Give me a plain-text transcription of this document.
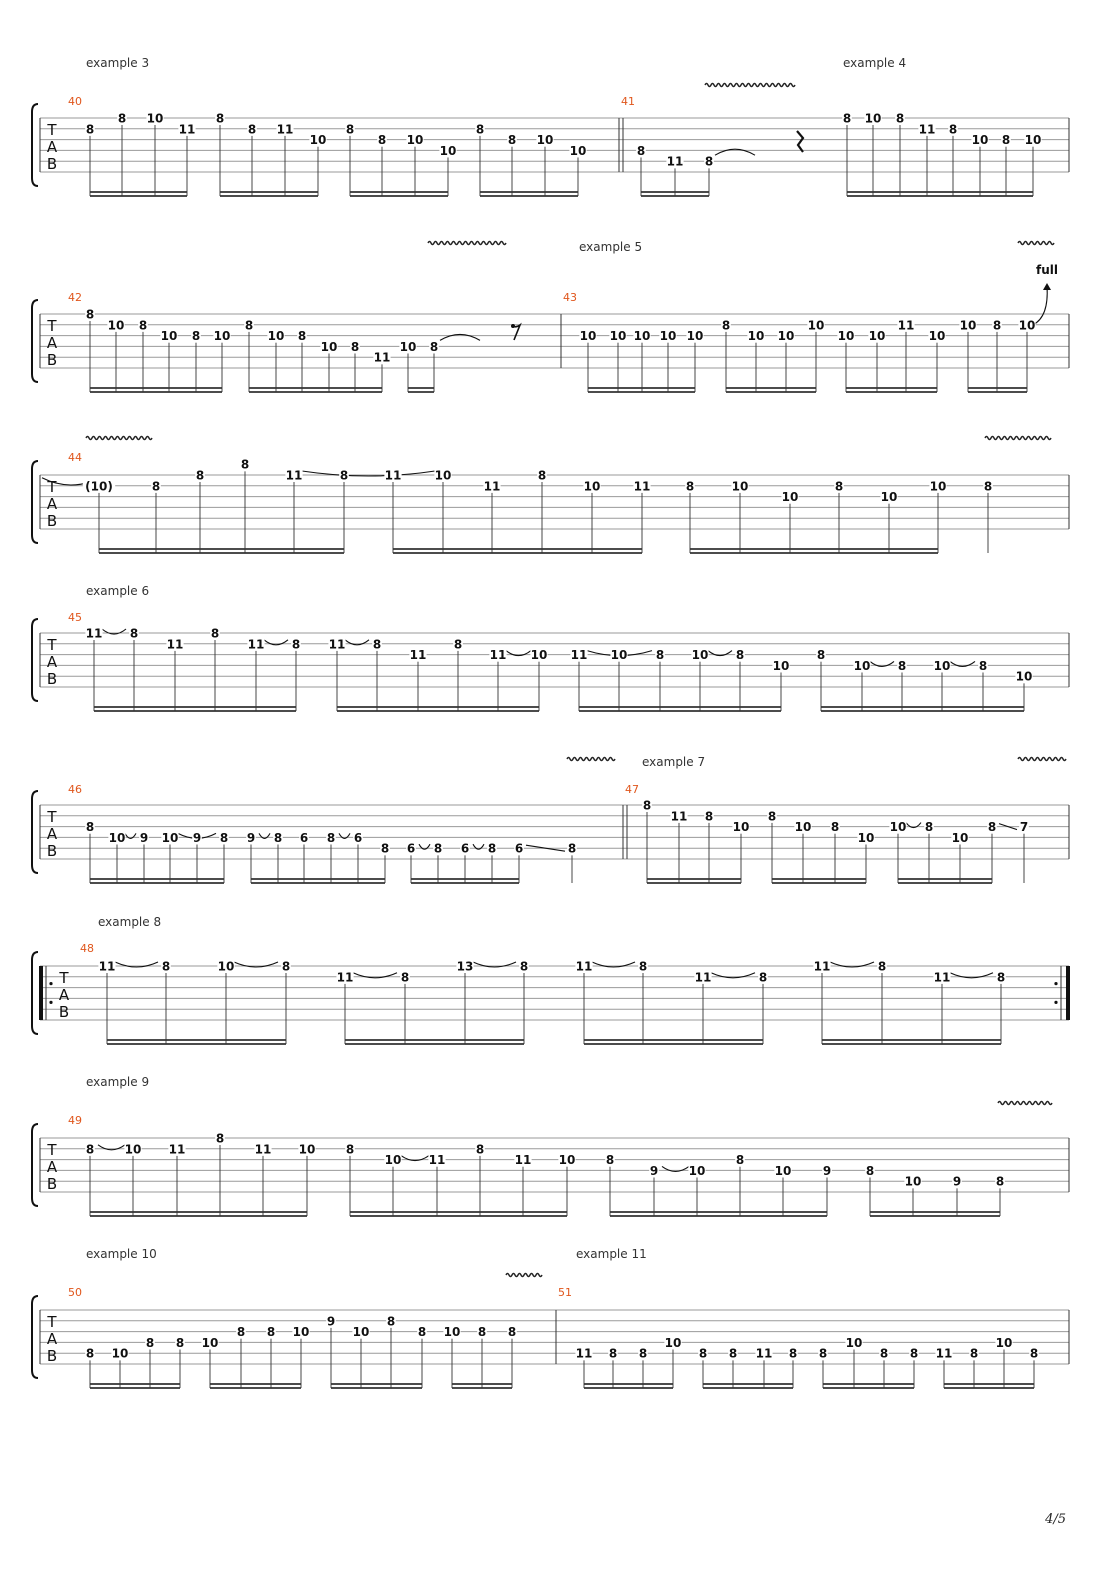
T
A
B
example 3	example 4
40	41
8
8 10
11
8
8 11
10
8
8 10
10
8
8 10
10	8
11 8
8 10 8
11 8
10 8 10
T
A
B
example 5
42	43
full
8
10 8
10 8 10
8
10 8
10 8
11
10 8
10 10 10 10 10
8
10 10
10
10 10
11
10
10 8 10
T
A
B
44
(10)	8
8
8
11	8	11	10
11
8
10	11	8	10
10
8
10
10	8
T
A
B
example 6
45
11 8
11
8
11 8 11 8
11
8
11 10 11 10 8 10 8
10
8
10 8 10 8
10
T
A
B
example 7
46	47
8
10 9 10 9 8 9 8 6 8 6
8 6 8 6 8 6	8
8
11 8
10
8
10 8
10
10 8
10
8 7
T
A
B
example 8
48
11	8	10	8
11	8
13	8	11	8
11	8
11	8
11	8
T
A
B
example 9
49
8	10 11
8
11 10	8
10 11
8
11 10	8
9	10
8
10	9	8
10	9	8
T
A
B
example 10	example 11
50	51
8 10
8 8 10
8 8 10
9
10
8
8 10 8 8
11 8 8
10
8 8 11 8 8
10
8 8 11 8
10
8
4/5
